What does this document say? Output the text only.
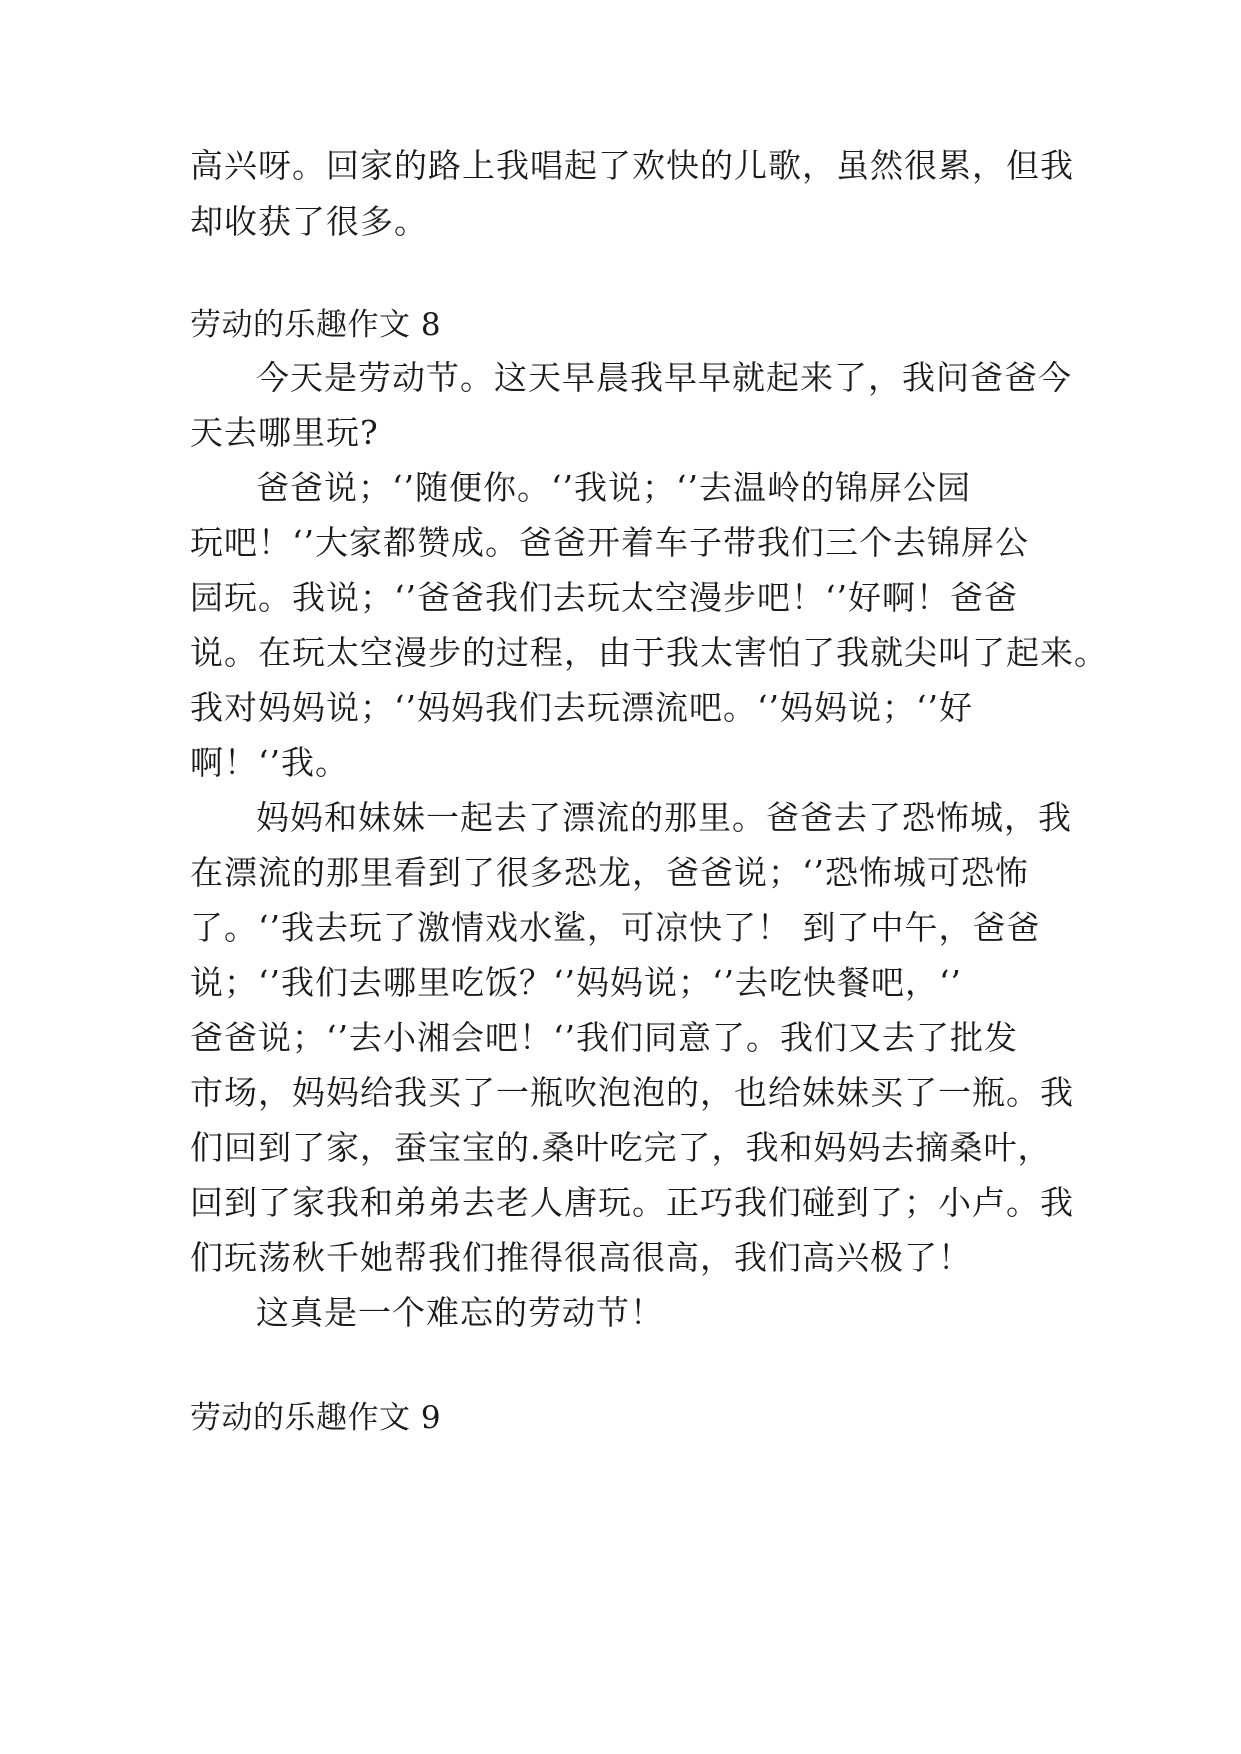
高兴呀。回家的路上我唱起了欢快的儿歌，虽然很累，但我
却收获了很多。
劳动的乐趣作文 8
今天是劳动节。这天早晨我早早就起来了，我问爸爸今
天去哪里玩?
爸爸说；‘’随便你。‘’我说；‘’去温岭的锦屏公园
玩吧！‘’大家都赞成。爸爸开着车子带我们三个去锦屏公
园玩。我说；‘’爸爸我们去玩太空漫步吧！‘’好啊！爸爸
说。在玩太空漫步的过程，由于我太害怕了我就尖叫了起来。
我对妈妈说；‘’妈妈我们去玩漂流吧。‘’妈妈说；‘’好
啊！‘’我。
妈妈和妹妹一起去了漂流的那里。爸爸去了恐怖城，我
在漂流的那里看到了很多恐龙，爸爸说；‘’恐怖城可恐怖
了。‘’我去玩了激情戏水鲨，可凉快了！ 到了中午，爸爸
说；‘’我们去哪里吃饭？‘’妈妈说；‘’去吃快餐吧，‘’
爸爸说；‘’去小湘会吧！‘’我们同意了。我们又去了批发
市场，妈妈给我买了一瓶吹泡泡的，也给妹妹买了一瓶。我
们回到了家，蚕宝宝的.桑叶吃完了，我和妈妈去摘桑叶，
回到了家我和弟弟去老人唐玩。正巧我们碰到了；小卢。我
们玩荡秋千她帮我们推得很高很高，我们高兴极了！
这真是一个难忘的劳动节！
劳动的乐趣作文 9
